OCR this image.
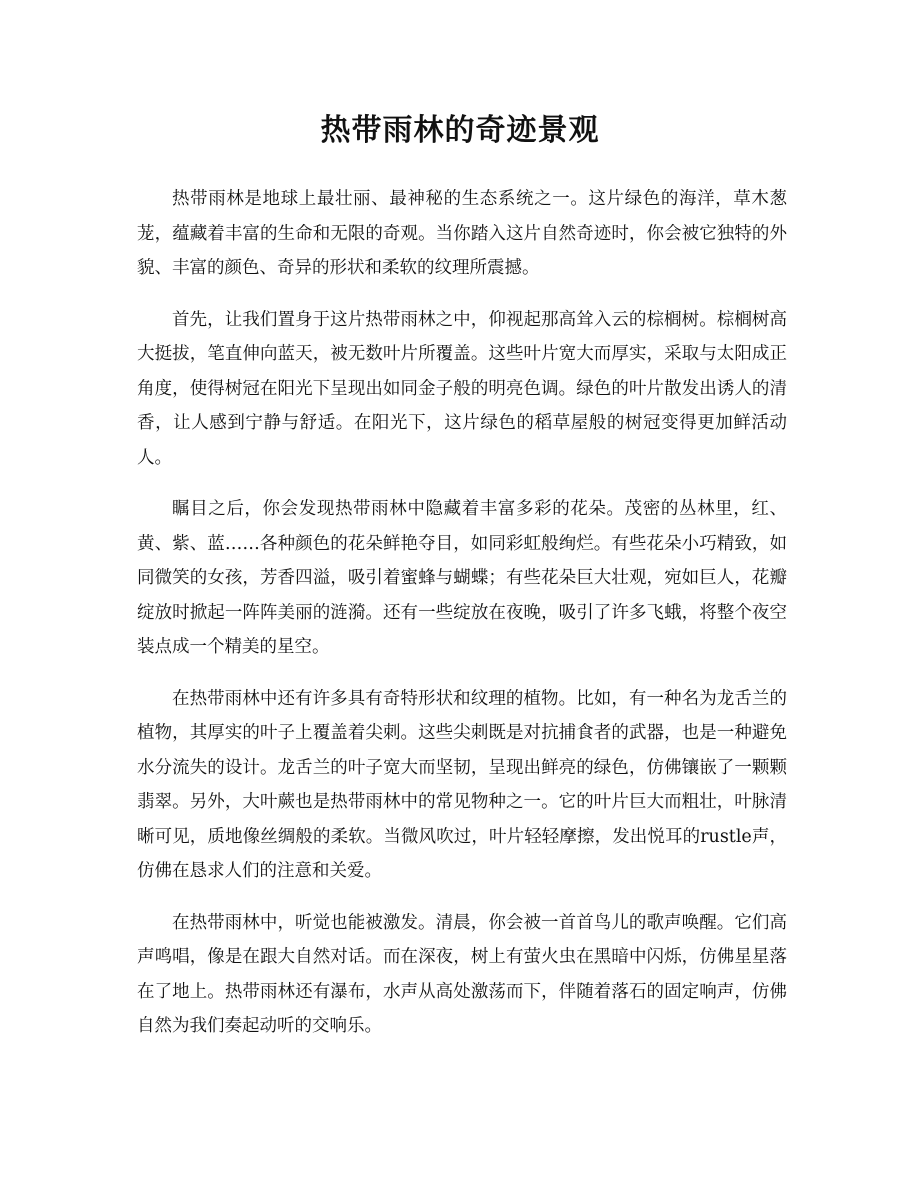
热带雨林的奇迹景观

热带雨林是地球上最壮丽、最神秘的生态系统之一。这片绿色的海洋，草木葱茏，蕴藏着丰富的生命和无限的奇观。当你踏入这片自然奇迹时，你会被它独特的外貌、丰富的颜色、奇异的形状和柔软的纹理所震撼。

首先，让我们置身于这片热带雨林之中，仰视起那高耸入云的棕榈树。棕榈树高大挺拔，笔直伸向蓝天，被无数叶片所覆盖。这些叶片宽大而厚实，采取与太阳成正角度，使得树冠在阳光下呈现出如同金子般的明亮色调。绿色的叶片散发出诱人的清香，让人感到宁静与舒适。在阳光下，这片绿色的稻草屋般的树冠变得更加鲜活动人。

瞩目之后，你会发现热带雨林中隐藏着丰富多彩的花朵。茂密的丛林里，红、黄、紫、蓝……各种颜色的花朵鲜艳夺目，如同彩虹般绚烂。有些花朵小巧精致，如同微笑的女孩，芳香四溢，吸引着蜜蜂与蝴蝶；有些花朵巨大壮观，宛如巨人，花瓣绽放时掀起一阵阵美丽的涟漪。还有一些绽放在夜晚，吸引了许多飞蛾，将整个夜空装点成一个精美的星空。

在热带雨林中还有许多具有奇特形状和纹理的植物。比如，有一种名为龙舌兰的植物，其厚实的叶子上覆盖着尖刺。这些尖刺既是对抗捕食者的武器，也是一种避免水分流失的设计。龙舌兰的叶子宽大而坚韧，呈现出鲜亮的绿色，仿佛镶嵌了一颗颗翡翠。另外，大叶蕨也是热带雨林中的常见物种之一。它的叶片巨大而粗壮，叶脉清晰可见，质地像丝绸般的柔软。当微风吹过，叶片轻轻摩擦，发出悦耳的rustle声，仿佛在恳求人们的注意和关爱。

在热带雨林中，听觉也能被激发。清晨，你会被一首首鸟儿的歌声唤醒。它们高声鸣唱，像是在跟大自然对话。而在深夜，树上有萤火虫在黑暗中闪烁，仿佛星星落在了地上。热带雨林还有瀑布，水声从高处激荡而下，伴随着落石的固定响声，仿佛自然为我们奏起动听的交响乐。
